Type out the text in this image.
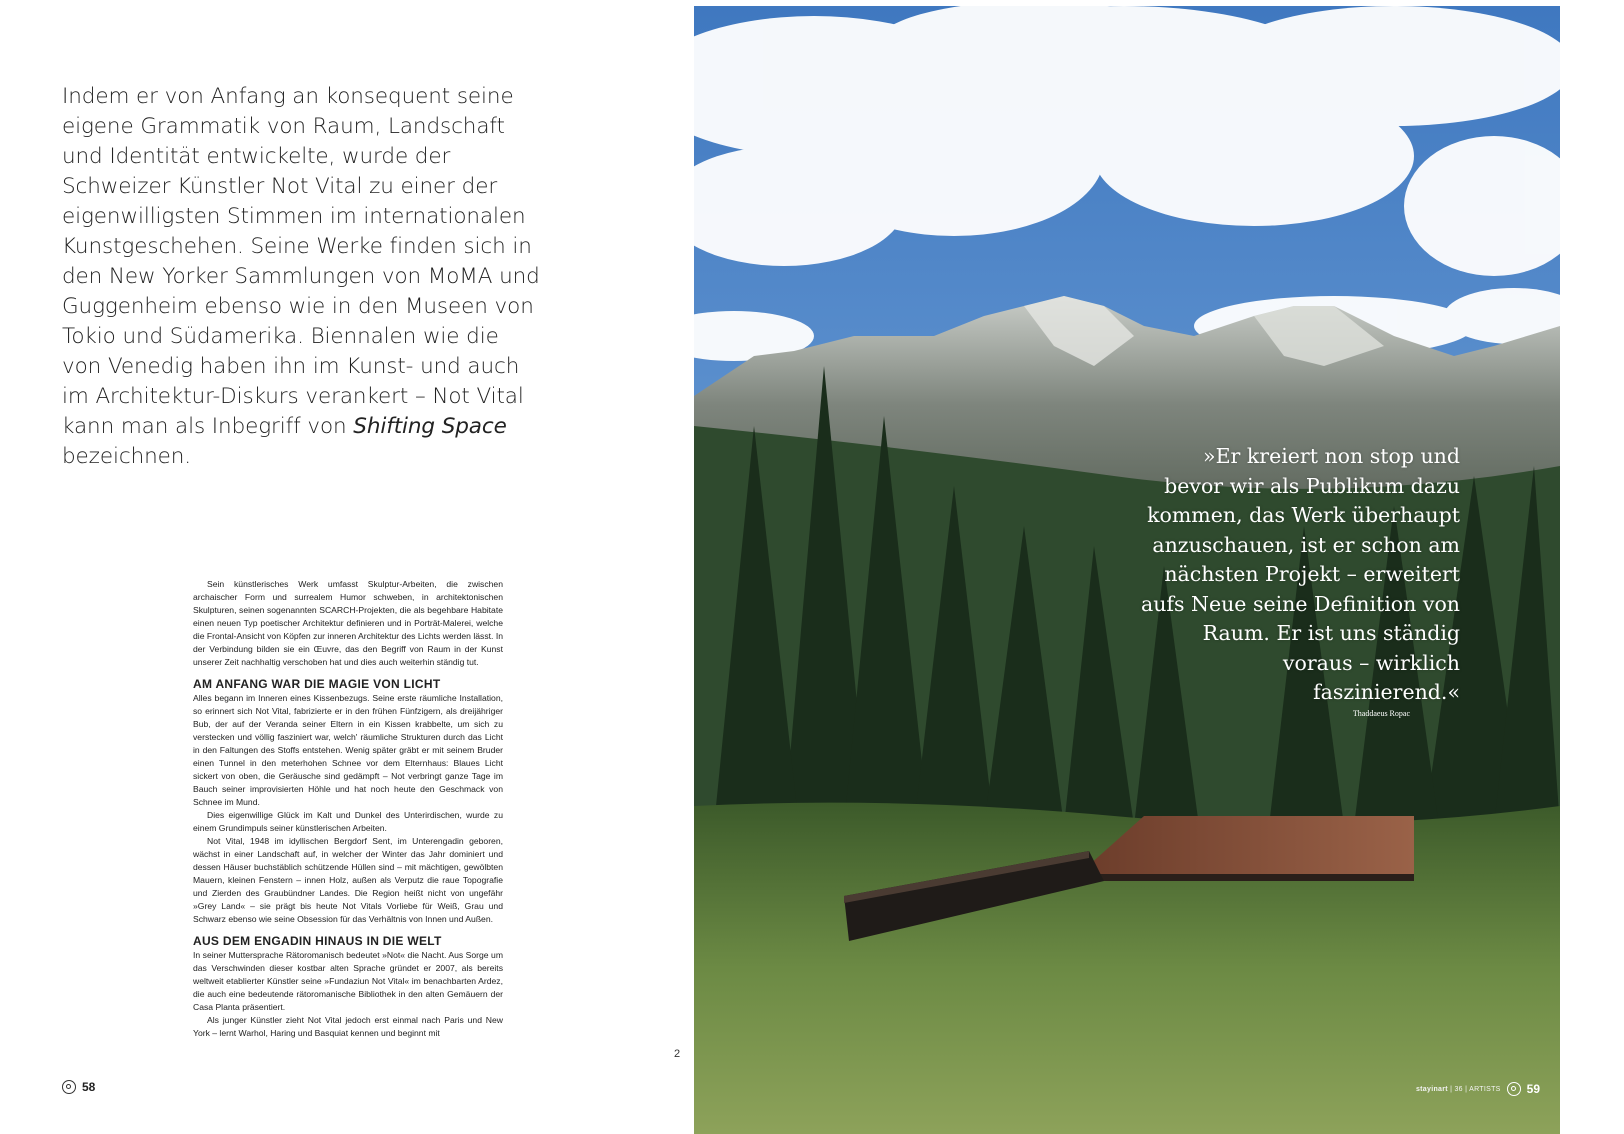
Indem er von Anfang an konsequent seine eigene Grammatik von Raum, Landschaft und Identität entwickelte, wurde der Schweizer Künstler Not Vital zu einer der eigenwilligsten Stimmen im internationalen Kunstgeschehen. Seine Werke finden sich in den New Yorker Sammlungen von MoMA und Guggenheim ebenso wie in den Museen von Tokio und Südamerika. Biennalen wie die von Venedig haben ihn im Kunst- und auch im Architektur-Diskurs verankert – Not Vital kann man als Inbegriff von Shifting Space bezeichnen.

Sein künstlerisches Werk umfasst Skulptur-Arbeiten, die zwischen archaischer Form und surrealem Humor schweben, in architektonischen Skulpturen, seinen sogenannten SCARCH-Projekten, die als begehbare Habitate einen neuen Typ poetischer Architektur definieren und in Porträt-Malerei, welche die Frontal-Ansicht von Köpfen zur inneren Architektur des Lichts werden lässt. In der Verbindung bilden sie ein Œuvre, das den Begriff von Raum in der Kunst unserer Zeit nachhaltig verschoben hat und dies auch weiterhin ständig tut.

AM ANFANG WAR DIE MAGIE VON LICHT

Alles begann im Inneren eines Kissenbezugs. Seine erste räumliche Installation, so erinnert sich Not Vital, fabrizierte er in den frühen Fünfzigern, als dreijähriger Bub, der auf der Veranda seiner Eltern in ein Kissen krabbelte, um sich zu verstecken und völlig fasziniert war, welch' räumliche Strukturen durch das Licht in den Faltungen des Stoffs entstehen. Wenig später gräbt er mit seinem Bruder einen Tunnel in den meterhohen Schnee vor dem Elternhaus: Blaues Licht sickert von oben, die Geräusche sind gedämpft – Not verbringt ganze Tage im Bauch seiner improvisierten Höhle und hat noch heute den Geschmack von Schnee im Mund.

Dies eigenwillige Glück im Kalt und Dunkel des Unterirdischen, wurde zu einem Grundimpuls seiner künstlerischen Arbeiten.

Not Vital, 1948 im idyllischen Bergdorf Sent, im Unterengadin geboren, wächst in einer Landschaft auf, in welcher der Winter das Jahr dominiert und dessen Häuser buchstäblich schützende Hüllen sind – mit mächtigen, gewölbten Mauern, kleinen Fenstern – innen Holz, außen als Verputz die raue Topografie und Zierden des Graubündner Landes. Die Region heißt nicht von ungefähr »Grey Land« – sie prägt bis heute Not Vitals Vorliebe für Weiß, Grau und Schwarz ebenso wie seine Obsession für das Verhältnis von Innen und Außen.

AUS DEM ENGADIN HINAUS IN DIE WELT

In seiner Muttersprache Rätoromanisch bedeutet »Not« die Nacht. Aus Sorge um das Verschwinden dieser kostbar alten Sprache gründet er 2007, als bereits weltweit etablierter Künstler seine »Fundaziun Not Vital« im benachbarten Ardez, die auch eine bedeutende rätoromanische Bibliothek in den alten Gemäuern der Casa Planta präsentiert.

Als junger Künstler zieht Not Vital jedoch erst einmal nach Paris und New York – lernt Warhol, Haring und Basquiat kennen und beginnt mit

58
2
»Er kreiert non stop und bevor wir als Publikum dazu kommen, das Werk überhaupt anzuschauen, ist er schon am nächsten Projekt – erweitert aufs Neue seine Definition von Raum. Er ist uns ständig voraus – wirklich faszinierend.«
Thaddaeus Ropac
stayinart | 36 | ARTISTS 59
